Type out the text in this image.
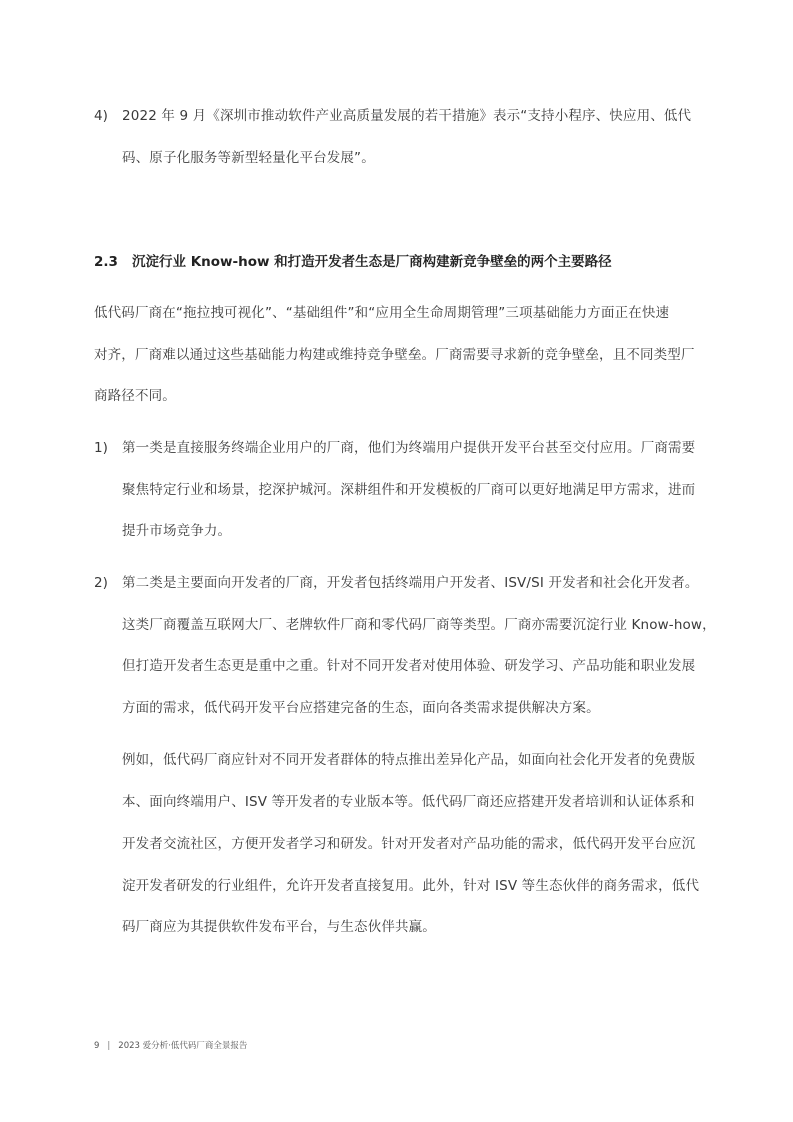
4) 2022 年 9 月《深圳市推动软件产业高质量发展的若干措施》表示“支持小程序、快应用、低代
码、原子化服务等新型轻量化平台发展”。
2.3 沉淀行业 Know-how 和打造开发者生态是厂商构建新竞争壁垒的两个主要路径
低代码厂商在“拖拉拽可视化”、“基础组件”和“应用全生命周期管理”三项基础能力方面正在快速
对齐，厂商难以通过这些基础能力构建或维持竞争壁垒。厂商需要寻求新的竞争壁垒，且不同类型厂
商路径不同。
1) 第一类是直接服务终端企业用户的厂商，他们为终端用户提供开发平台甚至交付应用。厂商需要
聚焦特定行业和场景，挖深护城河。深耕组件和开发模板的厂商可以更好地满足甲方需求，进而
提升市场竞争力。
2) 第二类是主要面向开发者的厂商，开发者包括终端用户开发者、ISV/SI 开发者和社会化开发者。
这类厂商覆盖互联网大厂、老牌软件厂商和零代码厂商等类型。厂商亦需要沉淀行业 Know-how，
但打造开发者生态更是重中之重。针对不同开发者对使用体验、研发学习、产品功能和职业发展
方面的需求，低代码开发平台应搭建完备的生态，面向各类需求提供解决方案。
例如，低代码厂商应针对不同开发者群体的特点推出差异化产品，如面向社会化开发者的免费版
本、面向终端用户、ISV 等开发者的专业版本等。低代码厂商还应搭建开发者培训和认证体系和
开发者交流社区，方便开发者学习和研发。针对开发者对产品功能的需求，低代码开发平台应沉
淀开发者研发的行业组件，允许开发者直接复用。此外，针对 ISV 等生态伙伴的商务需求，低代
码厂商应为其提供软件发布平台，与生态伙伴共赢。
9 | 2023 爱分析·低代码厂商全景报告
